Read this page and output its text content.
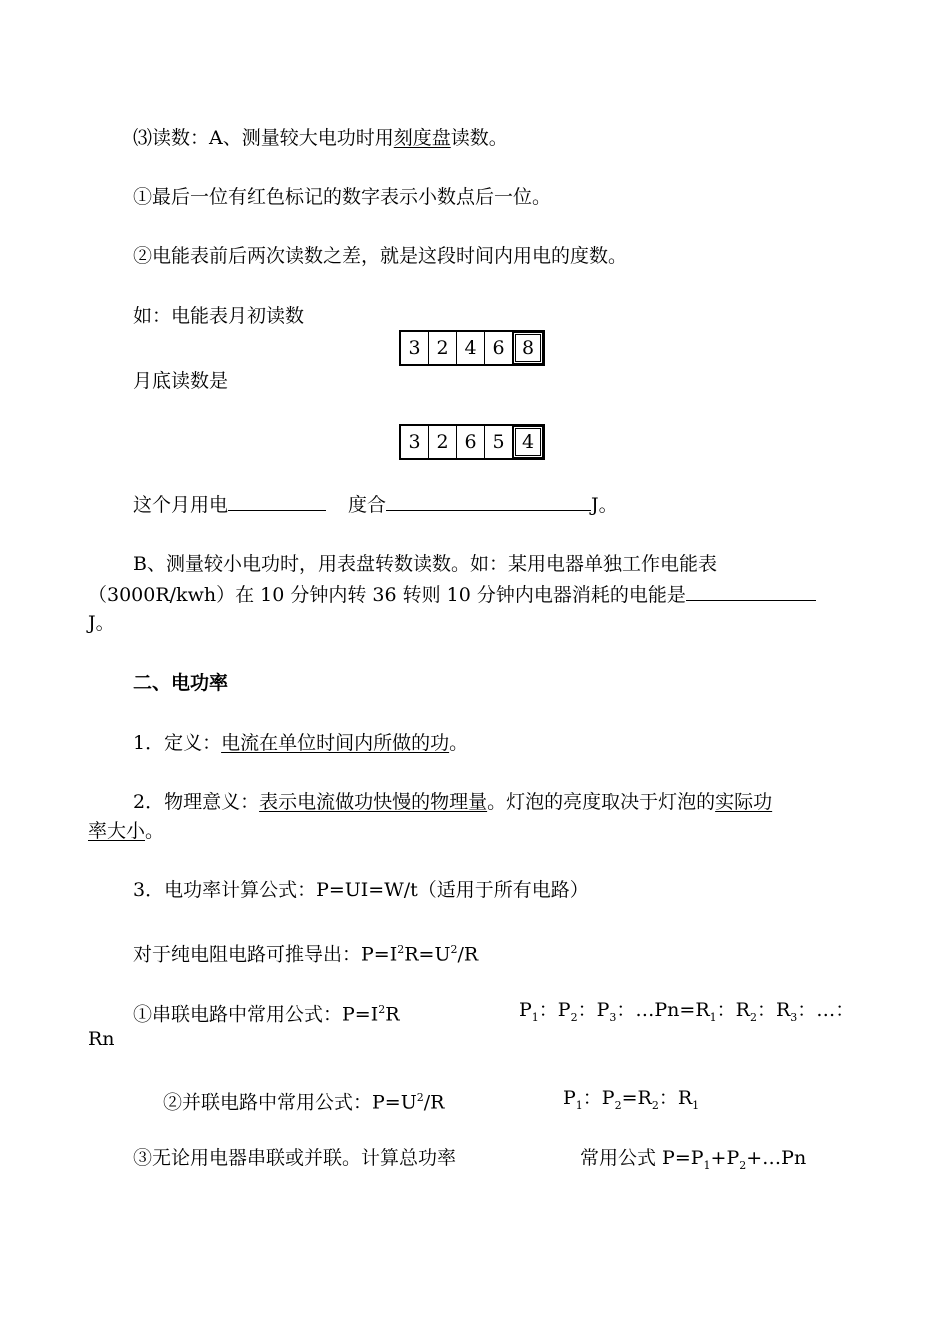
⑶读数：A、测量较大电功时用刻度盘读数。
①最后一位有红色标记的数字表示小数点后一位。
②电能表前后两次读数之差，就是这段时间内用电的度数。
如：电能表月初读数
3 2 4 6 8
月底读数是
3 2 6 5 4
这个月用电	度合	J。
B、测量较小电功时，用表盘转数读数。如：某用电器单独工作电能表
（3000R/kwh）在 10 分钟内转 36 转则 10 分钟内电器消耗的电能是
J。
二、电功率
1．定义：电流在单位时间内所做的功。
2．物理意义：表示电流做功快慢的物理量。灯泡的亮度取决于灯泡的实际功
率大小。
3．电功率计算公式：P=UI=W/t（适用于所有电路）
对于纯电阻电路可推导出：$P=I^2R=U^2/R$
①串联电路中常用公式：$P=I^2R$	$P_1$：$P_2$：$P_3$：$\dots Pn=R_1$：$R_2$：$R_3$：…：
Rn
②并联电路中常用公式：$P=U^2/R$	$P_1$：$P_2=R_2$：$R_1$
③无论用电器串联或并联。计算总功率	常用公式 $P=P_1+P_2+\dots Pn$
